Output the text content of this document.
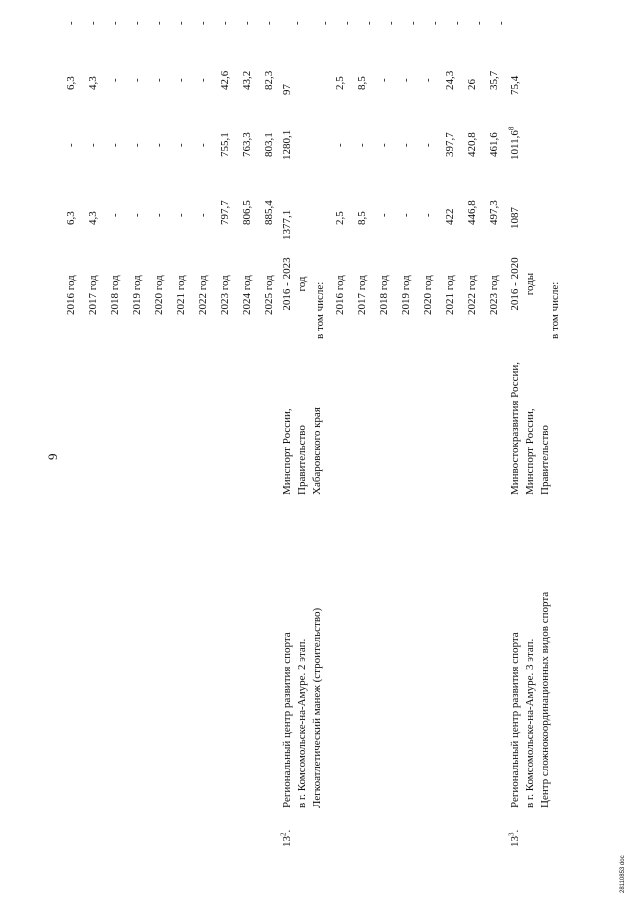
9
28110853 doc
$13^2$.
Региональный центр развития спорта в г. Комсомольске-на-Амуре. 2 этап. Легкоатлетический манеж (строительство)
Минспорт России, Правительство Хабаровского края
2016 - 2023 год
1377,1
1280,1
97
в том числе:
$13^3$.
Региональный центр развития спорта в г. Комсомольске-на-Амуре. 3 этап. Центр сложнокоординационных видов спорта
Минвостокразвития России, Минспорт России, Правительство
2016 - 2020 годы
1087
1011,6$^8$
75,4
в том числе:
2016 год
6,3
-
6,3
2017 год
4,3
-
4,3
2018 год
-
-
-
2019 год
-
-
-
2020 год
-
-
-
2021 год
-
-
-
2022 год
-
-
-
2023 год
797,7
755,1
42,6
2024 год
806,5
763,3
43,2
2025 год
885,4
803,1
82,3
2016 год
2,5
-
2,5
2017 год
8,5
-
8,5
2018 год
-
-
-
2019 год
-
-
-
2020 год
-
-
-
2021 год
422
397,7
24,3
2022 год
446,8
420,8
26
2023 год
497,3
461,6
35,7
- - - - - - - - - - - - - - - - - - - -
